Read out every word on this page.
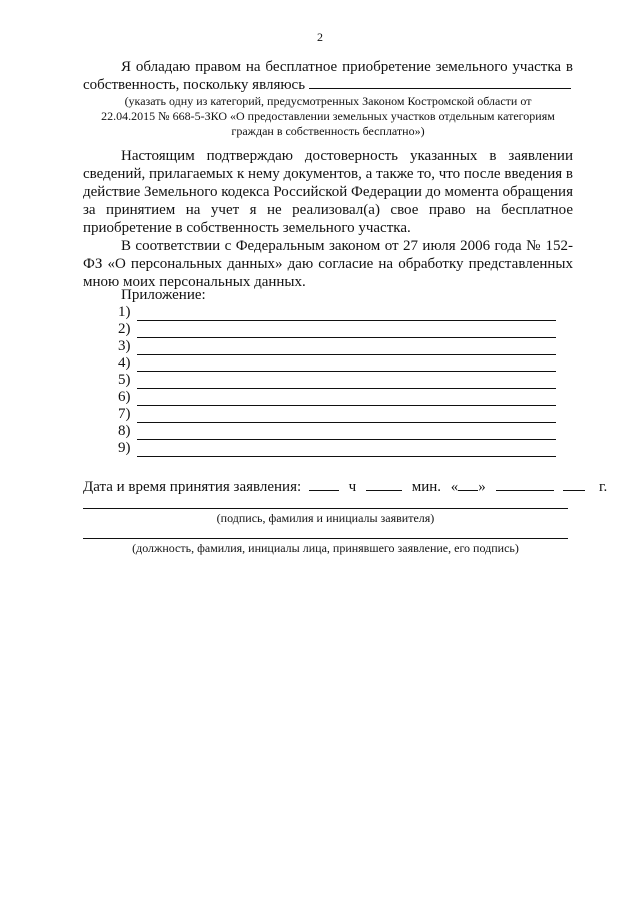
2
Я обладаю правом на бесплатное приобретение земельного участка в собственность, поскольку являюсь
(указать одну из категорий, предусмотренных Законом Костромской области от
22.04.2015 № 668-5-ЗКО «О предоставлении земельных участков отдельным категориям
граждан в собственность бесплатно»)
Настоящим подтверждаю достоверность указанных в заявлении сведений, прилагаемых к нему документов, а также то, что после введения в действие Земельного кодекса Российской Федерации до момента обращения за принятием на учет я не реализовал(а) свое право на бесплатное приобретение в собственность земельного участка.
В соответствии с Федеральным законом от 27 июля 2006 года № 152-ФЗ «О персональных данных» даю согласие на обработку представленных мною моих персональных данных.
Приложение:
1)
2)
3)
4)
5)
6)
7)
8)
9)
Дата и время принятия заявления:	ч	мин. « »	г.
(подпись, фамилия и инициалы заявителя)
(должность, фамилия, инициалы лица, принявшего заявление, его подпись)
